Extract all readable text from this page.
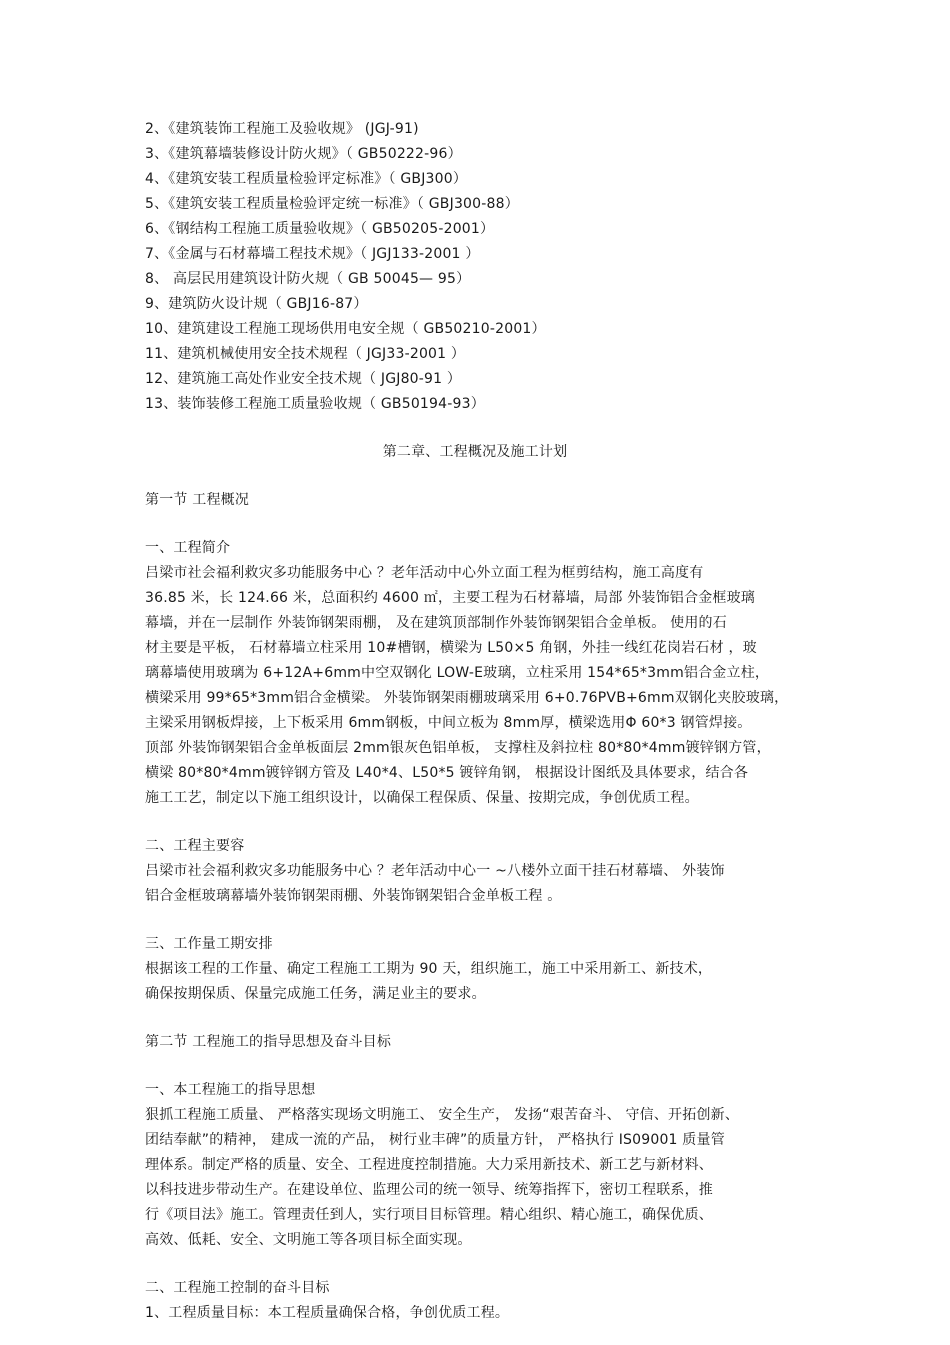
2、《建筑装饰工程施工及验收规》 (JGJ-91)
3、《建筑幕墙装修设计防火规》（ GB50222-96）
4、《建筑安装工程质量检验评定标准》（ GBJ300）
5、《建筑安装工程质量检验评定统一标准》（ GBJ300-88）
6、《钢结构工程施工质量验收规》（ GB50205-2001）
7、《金属与石材幕墙工程技术规》（ JGJ133-2001 ）
8、 高层民用建筑设计防火规（ GB 50045— 95）
9、建筑防火设计规（ GBJ16-87）
10、建筑建设工程施工现场供用电安全规（ GB50210-2001）
11、建筑机械使用安全技术规程（ JGJ33-2001 ）
12、建筑施工高处作业安全技术规（ JGJ80-91 ）
13、装饰装修工程施工质量验收规（ GB50194-93）
第二章、工程概况及施工计划
第一节 工程概况
一、工程简介
吕梁市社会福利救灾多功能服务中心 ？老年活动中心外立面工程为框剪结构，施工高度有
36.85 米，长 124.66 米，总面积约 4600 ㎡，主要工程为石材幕墙，局部 外装饰铝合金框玻璃
幕墙，并在一层制作 外装饰钢架雨棚， 及在建筑顶部制作外装饰钢架铝合金单板。 使用的石
材主要是平板， 石材幕墙立柱采用 10#槽钢，横梁为 L50×5 角钢，外挂一线红花岗岩石材 ，玻
璃幕墙使用玻璃为 6+12A+6mm中空双钢化 LOW-E玻璃，立柱采用 154*65*3mm铝合金立柱，
横梁采用 99*65*3mm铝合金横梁。 外装饰钢架雨棚玻璃采用 6+0.76PVB+6mm双钢化夹胶玻璃，
主梁采用钢板焊接，上下板采用 6mm钢板，中间立板为 8mm厚，横梁选用Φ 60*3 钢管焊接。
顶部 外装饰钢架铝合金单板面层 2mm银灰色铝单板， 支撑柱及斜拉柱 80*80*4mm镀锌钢方管，
横梁 80*80*4mm镀锌钢方管及 L40*4、L50*5 镀锌角钢， 根据设计图纸及具体要求，结合各
施工工艺，制定以下施工组织设计，以确保工程保质、保量、按期完成，争创优质工程。
二、工程主要容
吕梁市社会福利救灾多功能服务中心 ？老年活动中心一 ~八楼外立面干挂石材幕墙、 外装饰
铝合金框玻璃幕墙外装饰钢架雨棚、外装饰钢架铝合金单板工程 。
三、工作量工期安排
根据该工程的工作量、确定工程施工工期为 90 天，组织施工，施工中采用新工、新技术，
确保按期保质、保量完成施工任务，满足业主的要求。
第二节 工程施工的指导思想及奋斗目标
一、本工程施工的指导思想
狠抓工程施工质量、 严格落实现场文明施工、 安全生产， 发扬“艰苦奋斗、 守信、开拓创新、
团结奉献”的精神， 建成一流的产品， 树行业丰碑”的质量方针， 严格执行 IS09001 质量管
理体系。制定严格的质量、安全、工程进度控制措施。大力采用新技术、新工艺与新材料、
以科技进步带动生产。在建设单位、监理公司的统一领导、统筹指挥下，密切工程联系，推
行《项目法》施工。管理责任到人，实行项目目标管理。精心组织、精心施工，确保优质、
高效、低耗、安全、文明施工等各项目标全面实现。
二、工程施工控制的奋斗目标
1、工程质量目标：本工程质量确保合格，争创优质工程。
